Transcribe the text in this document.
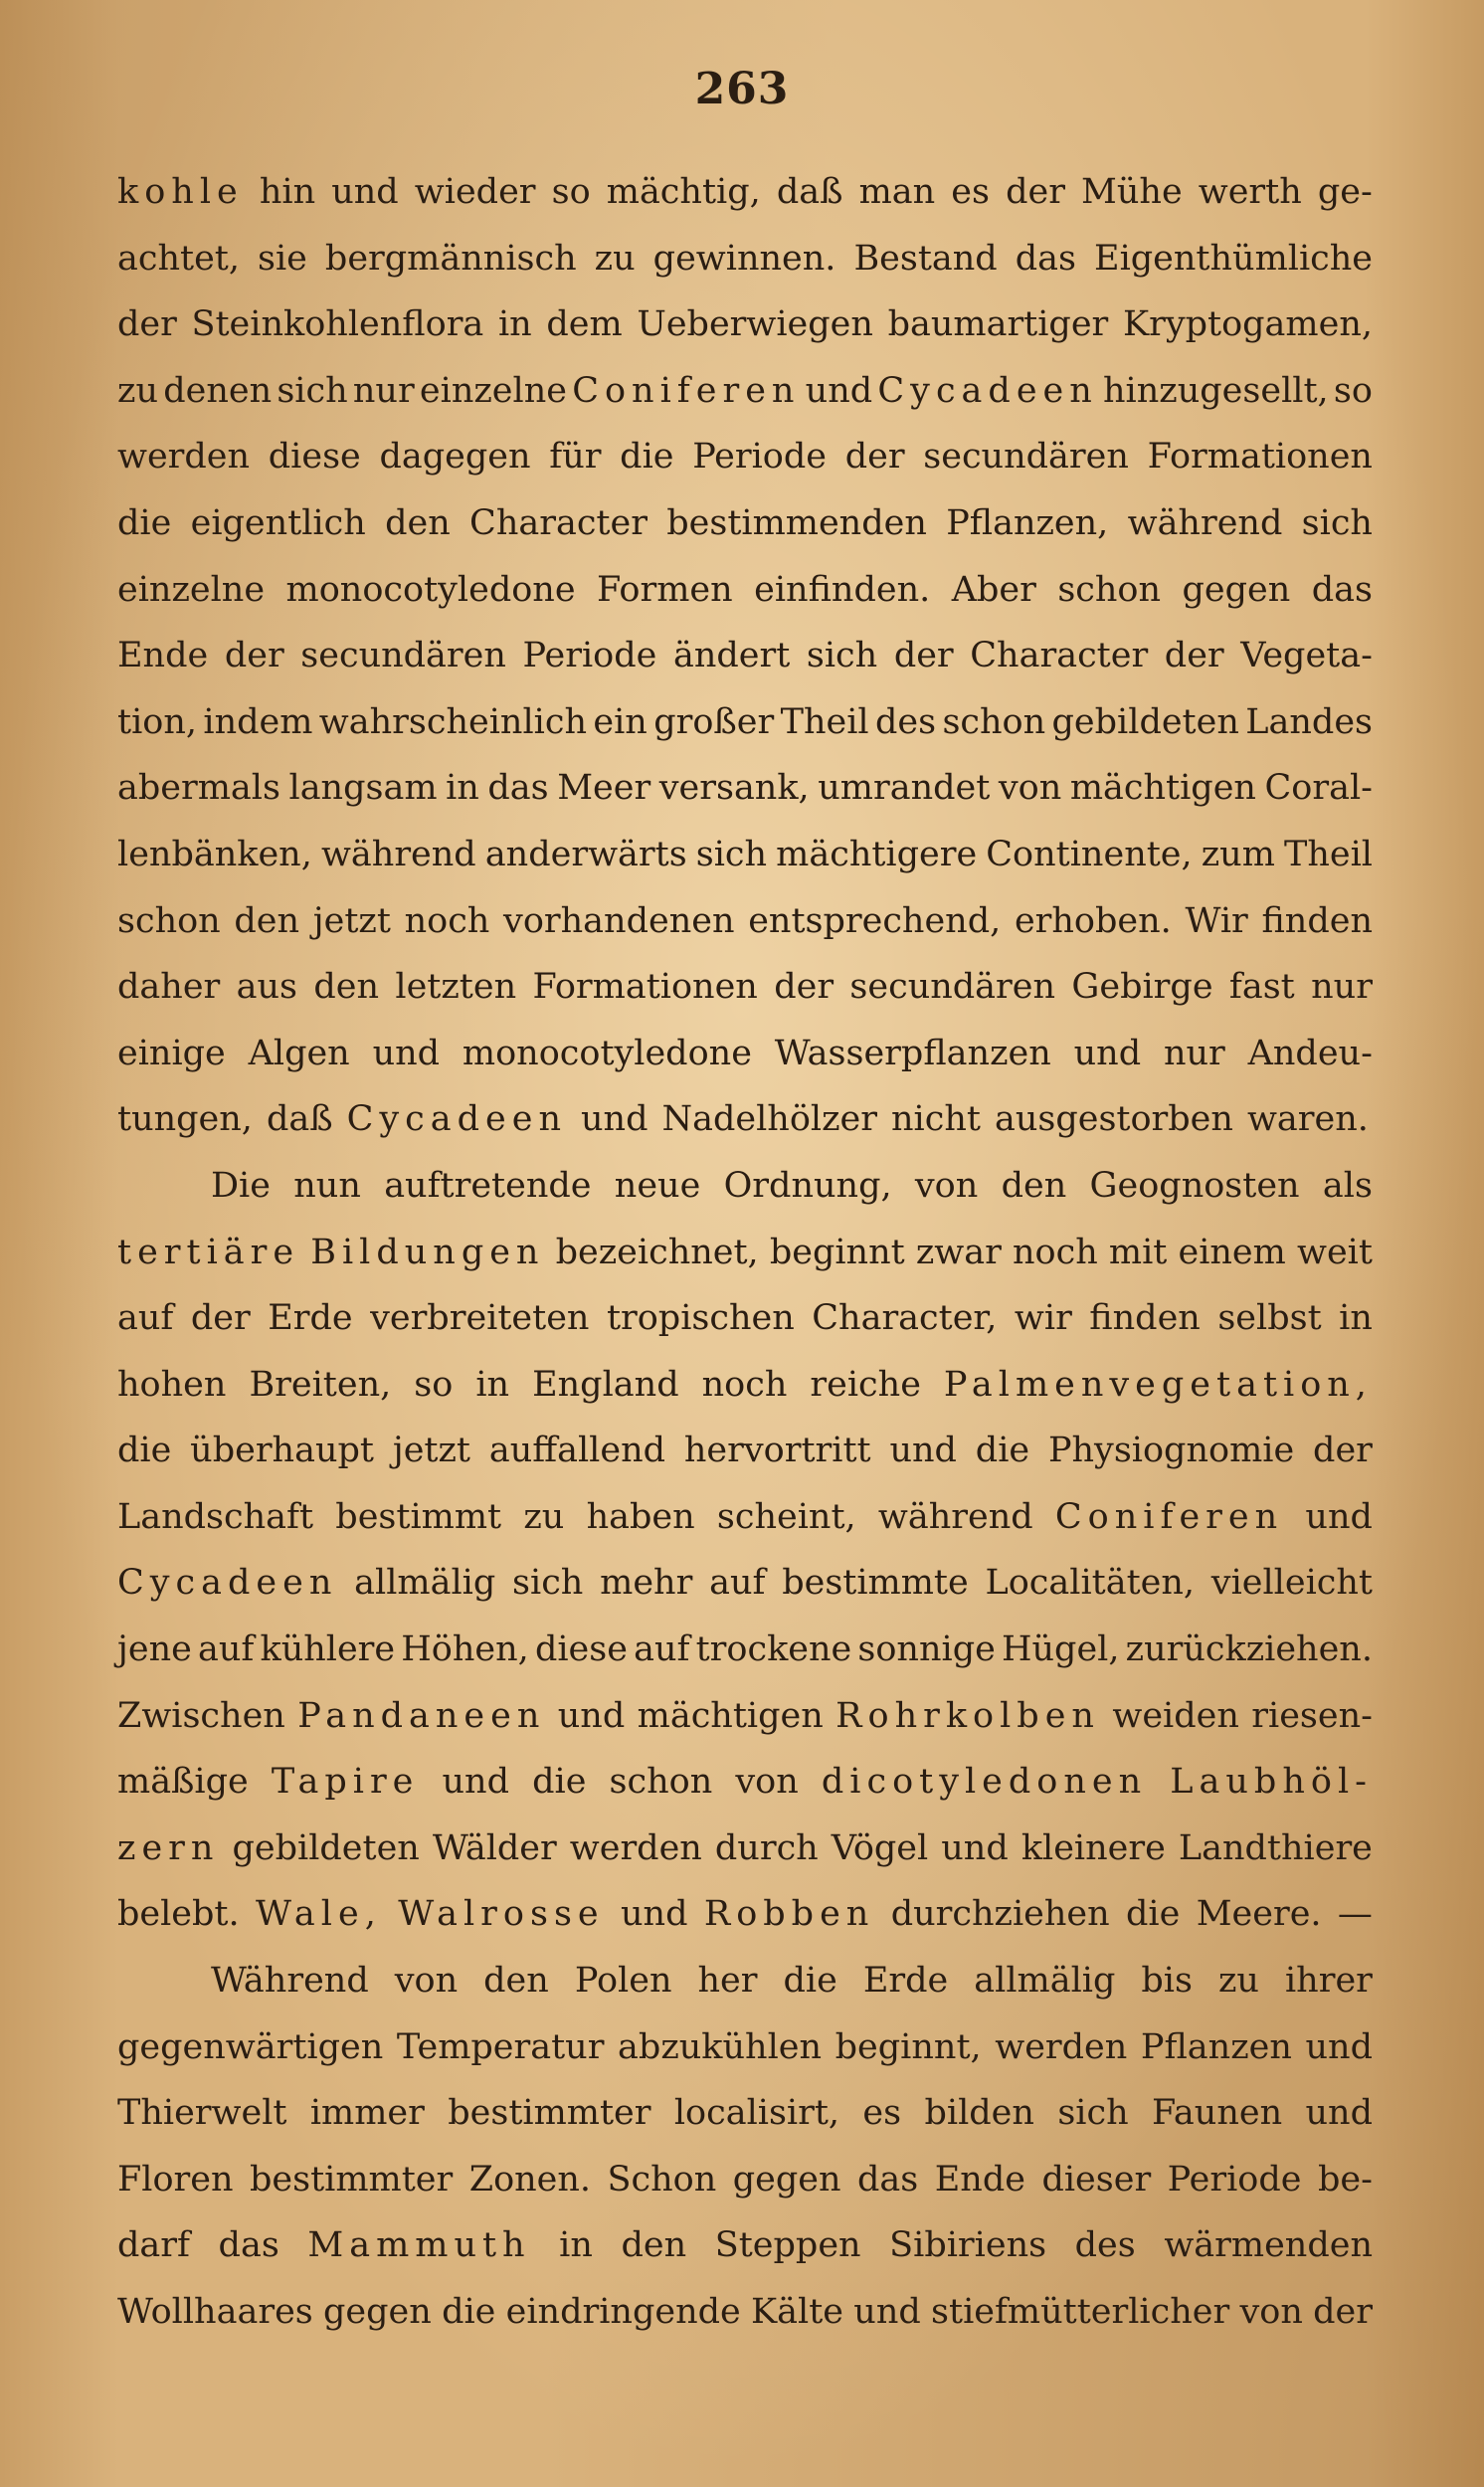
263
kohle hin und wieder so mächtig, daß man es der Mühe werth ge-
achtet, sie bergmännisch zu gewinnen. Bestand das Eigenthümliche
der Steinkohlenflora in dem Ueberwiegen baumartiger Kryptogamen,
zu denen sich nur einzelne Coniferen und Cycadeen hinzugesellt, so
werden diese dagegen für die Periode der secundären Formationen
die eigentlich den Character bestimmenden Pflanzen, während sich
einzelne monocotyledone Formen einfinden. Aber schon gegen das
Ende der secundären Periode ändert sich der Character der Vegeta-
tion, indem wahrscheinlich ein großer Theil des schon gebildeten Landes
abermals langsam in das Meer versank, umrandet von mächtigen Coral-
lenbänken, während anderwärts sich mächtigere Continente, zum Theil
schon den jetzt noch vorhandenen entsprechend, erhoben. Wir finden
daher aus den letzten Formationen der secundären Gebirge fast nur
einige Algen und monocotyledone Wasserpflanzen und nur Andeu-
tungen, daß Cycadeen und Nadelhölzer nicht ausgestorben waren.
Die nun auftretende neue Ordnung, von den Geognosten als
tertiäre Bildungen bezeichnet, beginnt zwar noch mit einem weit
auf der Erde verbreiteten tropischen Character, wir finden selbst in
hohen Breiten, so in England noch reiche Palmenvegetation,
die überhaupt jetzt auffallend hervortritt und die Physiognomie der
Landschaft bestimmt zu haben scheint, während Coniferen und
Cycadeen allmälig sich mehr auf bestimmte Localitäten, vielleicht
jene auf kühlere Höhen, diese auf trockene sonnige Hügel, zurückziehen.
Zwischen Pandaneen und mächtigen Rohrkolben weiden riesen-
mäßige Tapire und die schon von dicotyledonen Laubhöl-
zern gebildeten Wälder werden durch Vögel und kleinere Landthiere
belebt. Wale, Walrosse und Robben durchziehen die Meere. —
Während von den Polen her die Erde allmälig bis zu ihrer
gegenwärtigen Temperatur abzukühlen beginnt, werden Pflanzen und
Thierwelt immer bestimmter localisirt, es bilden sich Faunen und
Floren bestimmter Zonen. Schon gegen das Ende dieser Periode be-
darf das Mammuth in den Steppen Sibiriens des wärmenden
Wollhaares gegen die eindringende Kälte und stiefmütterlicher von der
